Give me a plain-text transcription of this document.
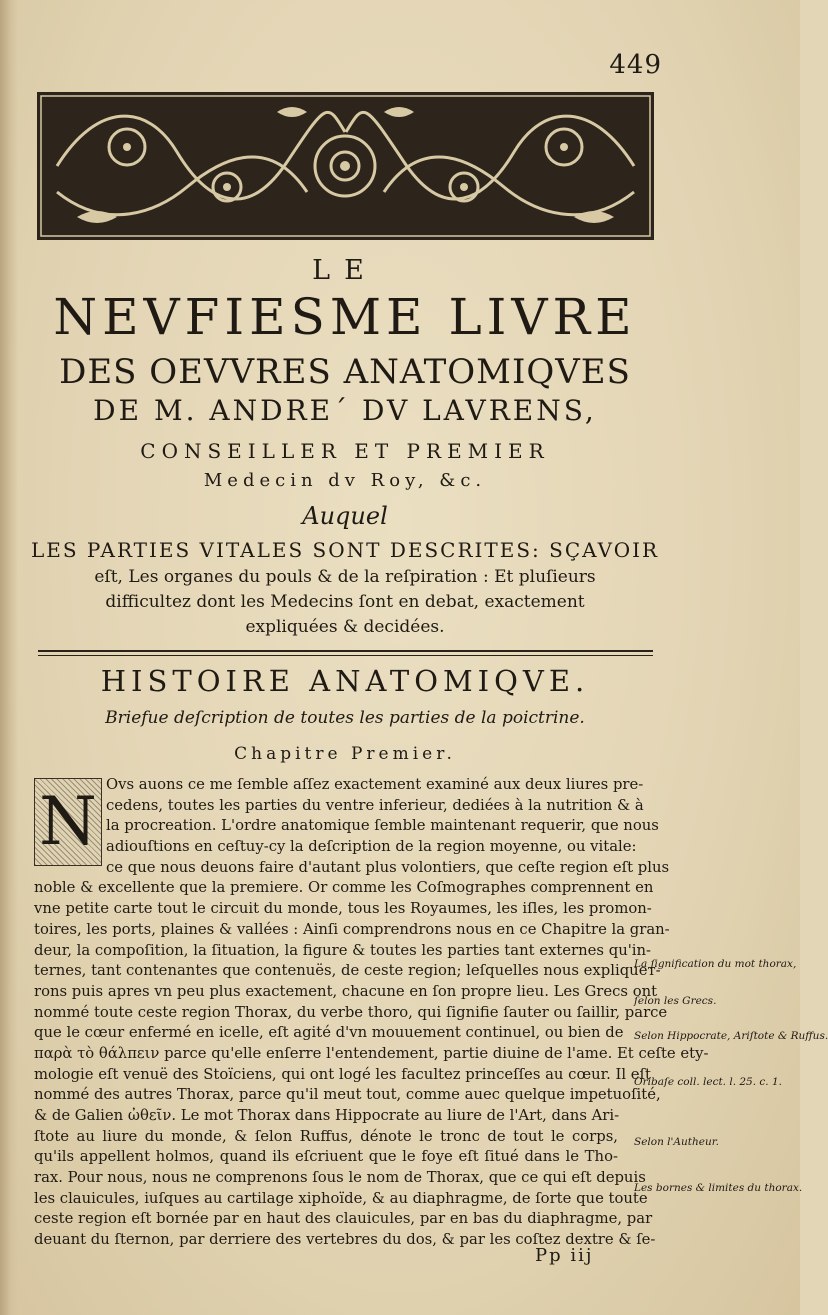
449
LE
NEVFIESME LIVRE
DES OEVVRES ANATOMIQVES
DE M. ANDRE´ DV LAVRENS,
CONSEILLER ET PREMIER
Medecin dv Roy, &c.
Auquel
LES PARTIES VITALES SONT DESCRITES: SÇAVOIR
eſt, Les organes du pouls & de la reſpiration : Et pluſieurs difficultez dont les Medecins ſont en debat, exactement expliquées & decidées.
HISTOIRE ANATOMIQVE.
Briefue deſcription de toutes les parties de la poictrine.
Chapitre Premier.
N Ovs auons ce me ſemble aſſez exactement examiné aux deux liures pre-
cedens, toutes les parties du ventre inferieur, dediées à la nutrition & à
la procreation. L'ordre anatomique ſemble maintenant requerir, que nous
adiouſtions en ceſtuy-cy la deſcription de la region moyenne, ou vitale:
ce que nous deuons faire d'autant plus volontiers, que ceſte region eſt plus
noble & excellente que la premiere. Or comme les Coſmographes comprennent en
vne petite carte tout le circuit du monde, tous les Royaumes, les iſles, les promon-
toires, les ports, plaines & vallées : Ainſi comprendrons nous en ce Chapitre la gran-
deur, la compoſition, la ſituation, la figure & toutes les parties tant externes qu'in-
ternes, tant contenantes que contenuës, de ceste region; leſquelles nous expliqueт-
rons puis apres vn peu plus exactement, chacune en ſon propre lieu. Les Grecs ont
nommé toute ceste region Thorax, du verbe thoro, qui ſignifie ſauter ou ſaillir, parce
que le cœur enfermé en icelle, eſt agité d'vn mouuement continuel, ou bien de
παρὰ τὸ θάλπειν parce qu'elle enſerre l'entendement, partie diuine de l'ame. Et ceſte ety-
mologie eſt venuë des Stoïciens, qui ont logé les facultez princeſſes au cœur. Il eſt
nommé des autres Thorax, parce qu'il meut tout, comme auec quelque impetuoſité,
& de Galien ὠθεῖν. Le mot Thorax dans Hippocrate au liure de l'Art, dans Ari-
ſtote au liure du monde, & ſelon Ruffus, dénote le tronc de tout le corps,
qu'ils appellent holmos, quand ils eſcriuent que le foye eſt ſitué dans le Tho-
rax. Pour nous, nous ne comprenons ſous le nom de Thorax, que ce qui eſt depuis
les clauicules, iuſques au cartilage xiphoïde, & au diaphragme, de ſorte que toute
ceste region eſt bornée par en haut des clauicules, par en bas du diaphragme, par
deuant du ſternon, par derriere des vertebres du dos, & par les coſtez dextre & ſe-
La ſignification du mot thorax,
ſelon les Grecs.
Selon Hippocrate, Ariſtote & Ruffus.
Oribaſe coll. lect. l. 25. c. 1.
Selon l'Autheur.
Les bornes & limites du thorax.
Pp iij
